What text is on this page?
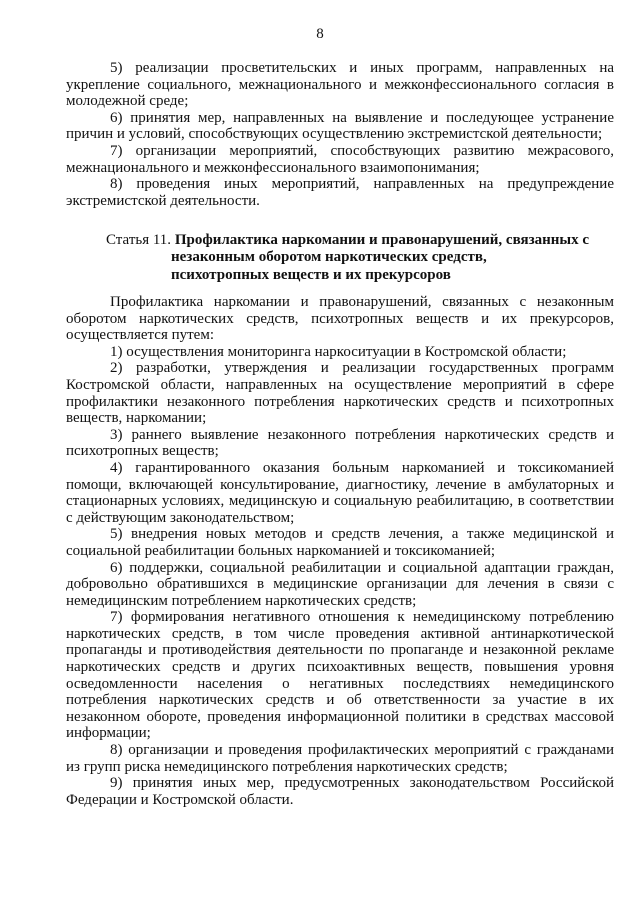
8

5) реализации просветительских и иных программ, направленных на укрепление социального, межнационального и межконфессионального согласия в молодежной среде;

6) принятия мер, направленных на выявление и последующее устранение причин и условий, способствующих осуществлению экстремистской деятельности;

7) организации мероприятий, способствующих развитию межрасового, межнационального и межконфессионального взаимопонимания;

8) проведения иных мероприятий, направленных на предупреждение экстремистской деятельности.

Статья 11. Профилактика наркомании и правонарушений, связанных с
незаконным оборотом наркотических средств,
психотропных веществ и их прекурсоров

Профилактика наркомании и правонарушений, связанных с незаконным оборотом наркотических средств, психотропных веществ и их прекурсоров, осуществляется путем:

1) осуществления мониторинга наркоситуации в Костромской области;

2) разработки, утверждения и реализации государственных программ Костромской области, направленных на осуществление мероприятий в сфере профилактики незаконного потребления наркотических средств и психотропных веществ, наркомании;

3) раннего выявление незаконного потребления наркотических средств и психотропных веществ;

4) гарантированного оказания больным наркоманией и токсикоманией помощи, включающей консультирование, диагностику, лечение в амбулаторных и стационарных условиях, медицинскую и социальную реабилитацию, в соответствии с действующим законодательством;

5) внедрения новых методов и средств лечения, а также медицинской и социальной реабилитации больных наркоманией и токсикоманией;

6) поддержки, социальной реабилитации и социальной адаптации граждан, добровольно обратившихся в медицинские организации для лечения в связи с немедицинским потреблением наркотических средств;

7) формирования негативного отношения к немедицинскому потреблению наркотических средств, в том числе проведения активной антинаркотической пропаганды и противодействия деятельности по пропаганде и незаконной рекламе наркотических средств и других психоактивных веществ, повышения уровня осведомленности населения о негативных последствиях немедицинского потребления наркотических средств и об ответственности за участие в их незаконном обороте, проведения информационной политики в средствах массовой информации;

8) организации и проведения профилактических мероприятий с гражданами из групп риска немедицинского потребления наркотических средств;

9) принятия иных мер, предусмотренных законодательством Российской Федерации и Костромской области.
